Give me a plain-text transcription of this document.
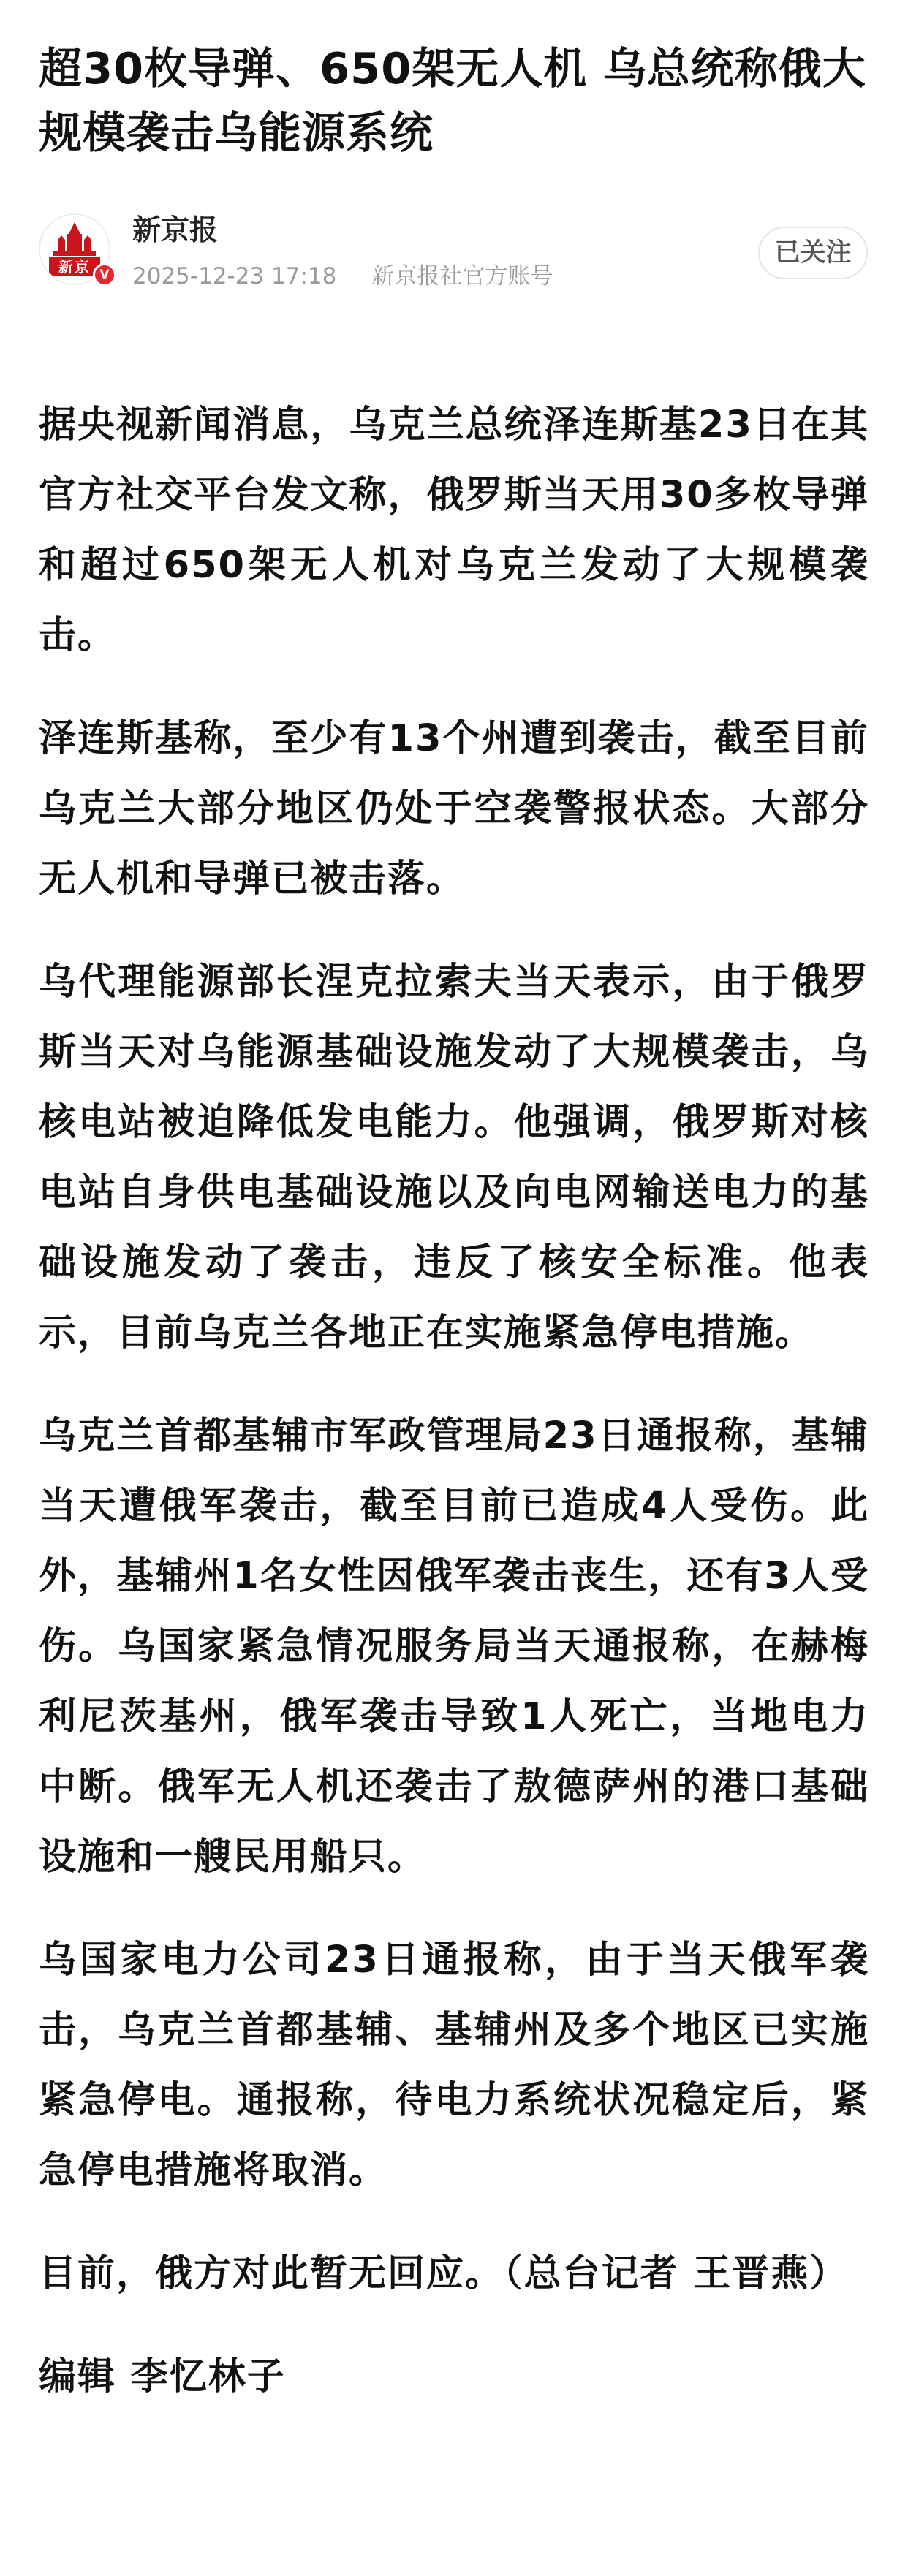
超30枚导弹、650架无人机 乌总统称俄大规模袭击乌能源系统
新京 V
新京报
2025-12-23 17:18 新京报社官方账号
已关注

据央视新闻消息，乌克兰总统泽连斯基23日在其官方社交平台发文称，俄罗斯当天用30多枚导弹和超过650架无人机对乌克兰发动了大规模袭击。

泽连斯基称，至少有13个州遭到袭击，截至目前乌克兰大部分地区仍处于空袭警报状态。大部分无人机和导弹已被击落。

乌代理能源部长涅克拉索夫当天表示，由于俄罗斯当天对乌能源基础设施发动了大规模袭击，乌核电站被迫降低发电能力。他强调，俄罗斯对核电站自身供电基础设施以及向电网输送电力的基础设施发动了袭击，违反了核安全标准。他表示，目前乌克兰各地正在实施紧急停电措施。

乌克兰首都基辅市军政管理局23日通报称，基辅当天遭俄军袭击，截至目前已造成4人受伤。此外，基辅州1名女性因俄军袭击丧生，还有3人受伤。乌国家紧急情况服务局当天通报称，在赫梅利尼茨基州，俄军袭击导致1人死亡，当地电力中断。俄军无人机还袭击了敖德萨州的港口基础设施和一艘民用船只。

乌国家电力公司23日通报称，由于当天俄军袭击，乌克兰首都基辅、基辅州及多个地区已实施紧急停电。通报称，待电力系统状况稳定后，紧急停电措施将取消。

目前，俄方对此暂无回应。（总台记者 王晋燕）

编辑 李忆林子
